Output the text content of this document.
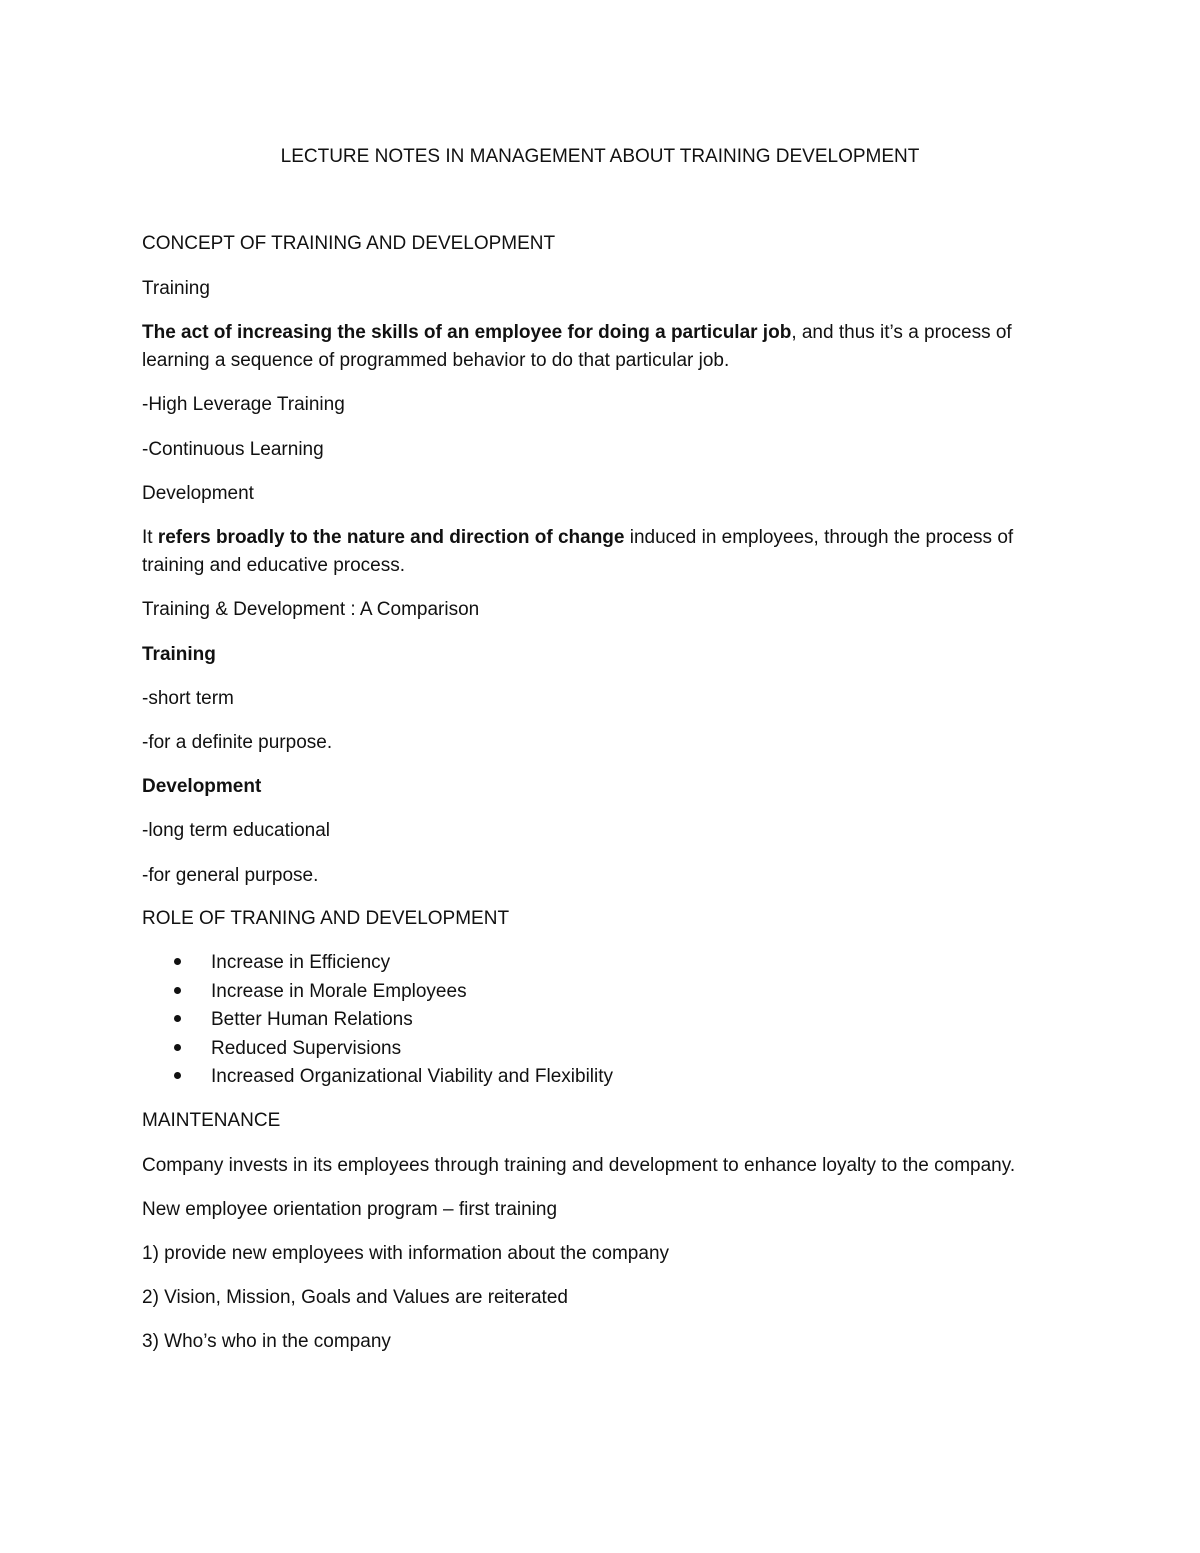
LECTURE NOTES IN MANAGEMENT ABOUT TRAINING DEVELOPMENT
CONCEPT OF TRAINING AND DEVELOPMENT
Training
The act of increasing the skills of an employee for doing a particular job, and thus it’s a process of
learning a sequence of programmed behavior to do that particular job.
-High Leverage Training
-Continuous Learning
Development
It refers broadly to the nature and direction of change induced in employees, through the process of
training and educative process.
Training & Development : A Comparison
Training
-short term
-for a definite purpose.
Development
-long term educational
-for general purpose.
ROLE OF TRANING AND DEVELOPMENT
Increase in Efficiency
Increase in Morale Employees
Better Human Relations
Reduced Supervisions
Increased Organizational Viability and Flexibility
MAINTENANCE
Company invests in its employees through training and development to enhance loyalty to the company.
New employee orientation program – first training
1) provide new employees with information about the company
2) Vision, Mission, Goals and Values are reiterated
3) Who’s who in the company
